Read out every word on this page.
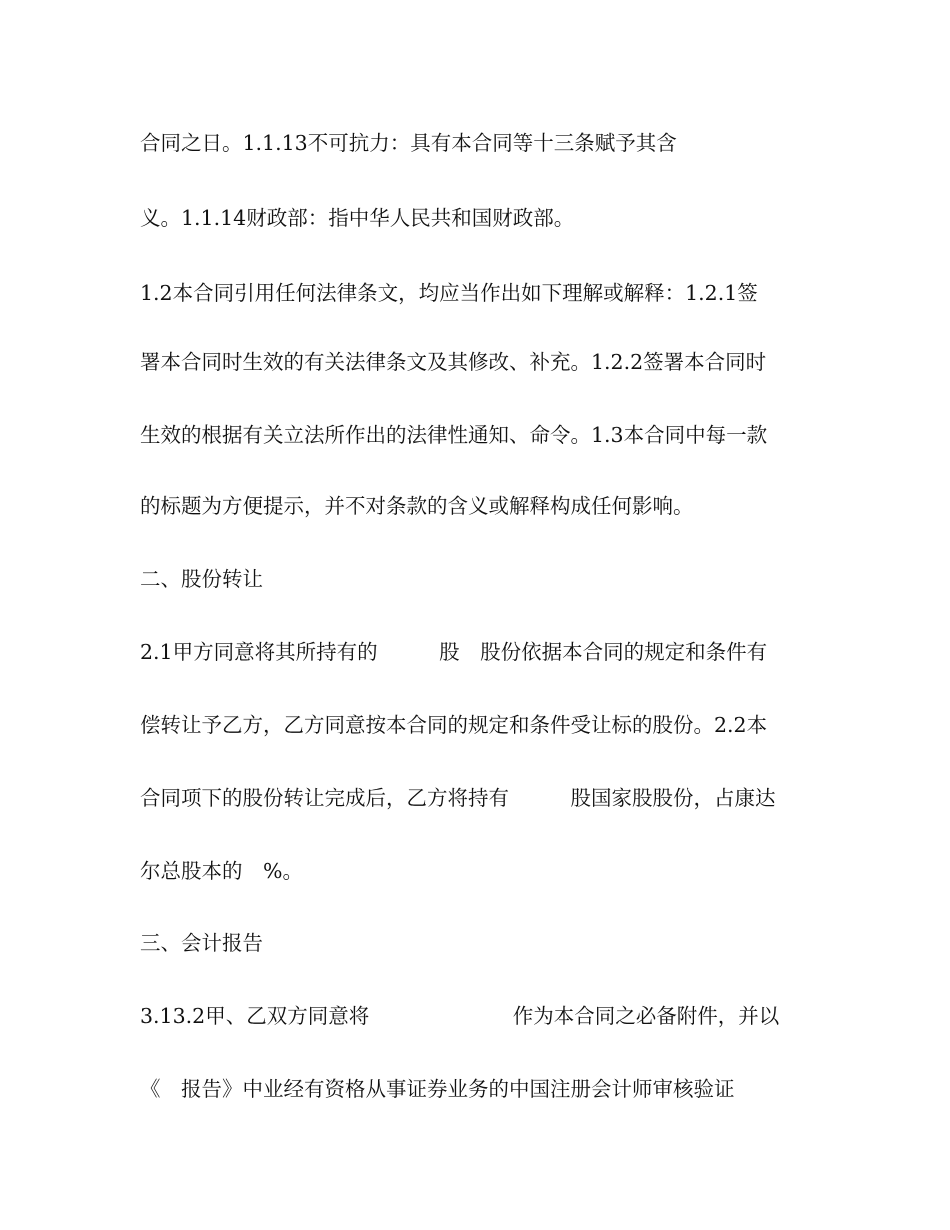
合同之日。1.1.13不可抗力：具有本合同等十三条赋予其含
义。1.1.14财政部：指中华人民共和国财政部。
1.2本合同引用任何法律条文，均应当作出如下理解或解释：1.2.1签
署本合同时生效的有关法律条文及其修改、补充。1.2.2签署本合同时
生效的根据有关立法所作出的法律性通知、命令。1.3本合同中每一款
的标题为方便提示，并不对条款的含义或解释构成任何影响。
二、股份转让
2.1甲方同意将其所持有的　　　股　股份依据本合同的规定和条件有
偿转让予乙方，乙方同意按本合同的规定和条件受让标的股份。2.2本
合同项下的股份转让完成后，乙方将持有　　　股国家股股份，占康达
尔总股本的　%。
三、会计报告
3.13.2甲、乙双方同意将　　　　　　　作为本合同之必备附件，并以
《　报告》中业经有资格从事证券业务的中国注册会计师审核验证
